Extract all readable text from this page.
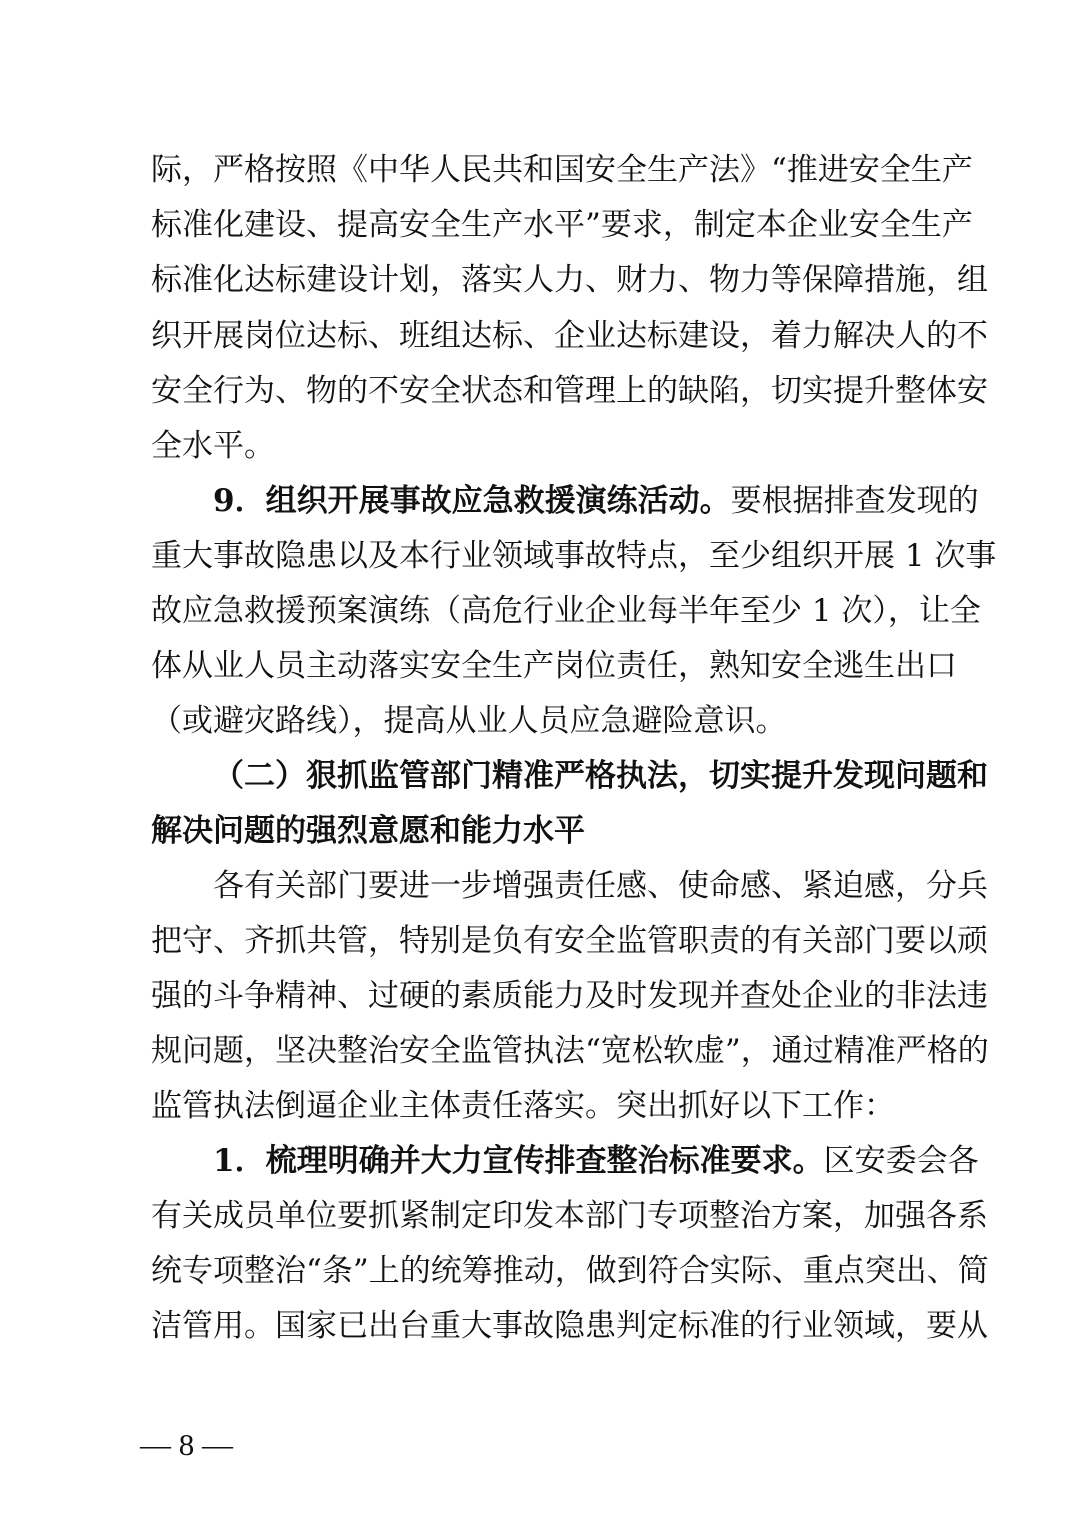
际，严格按照《中华人民共和国安全生产法》“推进安全生产
标准化建设、提高安全生产水平”要求，制定本企业安全生产
标准化达标建设计划，落实人力、财力、物力等保障措施，组
织开展岗位达标、班组达标、企业达标建设，着力解决人的不
安全行为、物的不安全状态和管理上的缺陷，切实提升整体安
全水平。
9．组织开展事故应急救援演练活动。要根据排查发现的
重大事故隐患以及本行业领域事故特点，至少组织开展 1 次事
故应急救援预案演练（高危行业企业每半年至少 1 次），让全
体从业人员主动落实安全生产岗位责任，熟知安全逃生出口
（或避灾路线），提高从业人员应急避险意识。
（二）狠抓监管部门精准严格执法，切实提升发现问题和
解决问题的强烈意愿和能力水平
各有关部门要进一步增强责任感、使命感、紧迫感，分兵
把守、齐抓共管，特别是负有安全监管职责的有关部门要以顽
强的斗争精神、过硬的素质能力及时发现并查处企业的非法违
规问题，坚决整治安全监管执法“宽松软虚”，通过精准严格的
监管执法倒逼企业主体责任落实。突出抓好以下工作：
1．梳理明确并大力宣传排查整治标准要求。区安委会各
有关成员单位要抓紧制定印发本部门专项整治方案，加强各系
统专项整治“条”上的统筹推动，做到符合实际、重点突出、简
洁管用。国家已出台重大事故隐患判定标准的行业领域，要从
— 8 —
